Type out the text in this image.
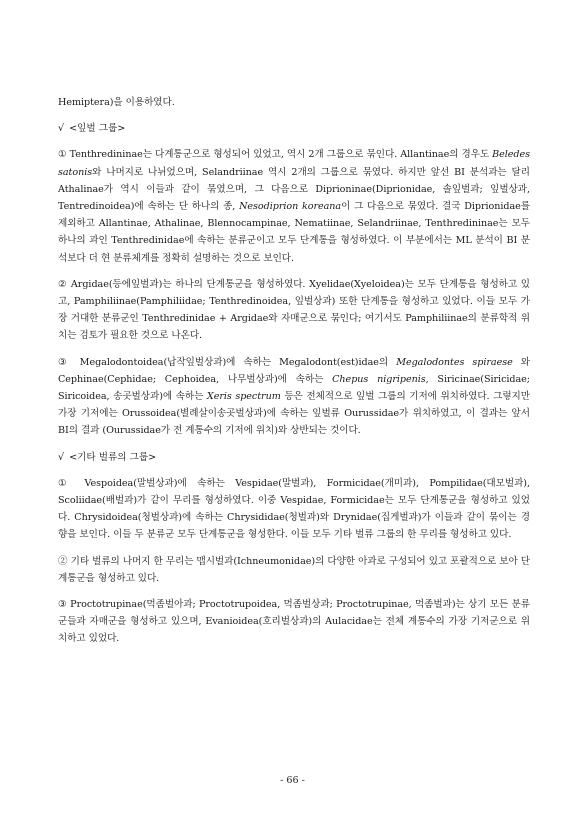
Hemiptera)을 이용하였다.

√ <잎벌 그룹>

① Tenthredininae는 다계통군으로 형성되어 있었고, 역시 2개 그룹으로 묶인다. Allantinae의 경우도 Beledes satonis와 나머지로 나뉘었으며, Selandriinae 역시 2개의 그룹으로 묶였다. 하지만 앞선 BI 분석과는 달리 Athalinae가 역시 이들과 같이 묶였으며, 그 다음으로 Diprioninae(Diprionidae, 솔잎벌과; 잎벌상과, Tentredinoidea)에 속하는 단 하나의 종, Nesodiprion koreana이 그 다음으로 묶였다. 결국 Diprionidae를 제외하고 Allantinae, Athalinae, Blennocampinae, Nematiinae, Selandriinae, Tenthredininae는 모두 하나의 과인 Tenthredinidae에 속하는 분류군이고 모두 단계통을 형성하였다. 이 부분에서는 ML 분석이 BI 분석보다 더 현 분류체계를 정확히 설명하는 것으로 보인다.

② Argidae(등에잎벌과)는 하나의 단계통군을 형성하였다. Xyelidae(Xyeloidea)는 모두 단계통을 형성하고 있고, Pamphiliinae(Pamphiliidae; Tenthredinoidea, 잎벌상과) 또한 단계통을 형성하고 있었다. 이들 모두 가장 거대한 분류군인 Tenthredinidae + Argidae와 자매군으로 묶인다; 여기서도 Pamphiliinae의 분류학적 위치는 검토가 필요한 것으로 나온다.

③ Megalodontoidea(납작잎벌상과)에 속하는 Megalodont(est)idae의 Megalodontes spiraese 와 Cephinae(Cephidae; Cephoidea, 나무벌상과)에 속하는 Chepus nigripenis, Siricinae(Siricidae; Siricoidea, 송곳벌상과)에 속하는 Xeris spectrum 등은 전체적으로 잎벌 그룹의 기저에 위치하였다. 그렇지만 가장 기저에는 Orussoidea(별례살이송곳벌상과)에 속하는 잎벌류 Ourussidae가 위치하였고, 이 결과는 앞서 BI의 결과 (Ourussidae가 전 계통수의 기저에 위치)와 상반되는 것이다.

√ <기타 벌류의 그룹>

① Vespoidea(말벌상과)에 속하는 Vespidae(말벌과), Formicidae(개미과), Pompilidae(대모벌과), Scoliidae(배벌과)가 같이 무리를 형성하였다. 이중 Vespidae, Formicidae는 모두 단계통군을 형성하고 있었다. Chrysidoidea(청벌상과)에 속하는 Chrysididae(청벌과)와 Drynidae(집게벌과)가 이들과 같이 묶이는 경향을 보인다. 이들 두 분류군 모두 단계통군을 형성한다. 이들 모두 기타 벌류 그룹의 한 무리를 형성하고 있다.

② 기타 벌류의 나머지 한 무리는 맵시벌과(Ichneumonidae)의 다양한 아과로 구성되어 있고 포괄적으로 보아 단계통군을 형성하고 있다.

③ Proctotrupinae(먹좀벌아과; Proctotrupoidea, 먹좀벌상과; Proctotrupinae, 먹좀벌과)는 상기 모든 분류군들과 자매군을 형성하고 있으며, Evanioidea(호리벌상과)의 Aulacidae는 전체 계통수의 가장 기저군으로 위치하고 있었다.

- 66 -
